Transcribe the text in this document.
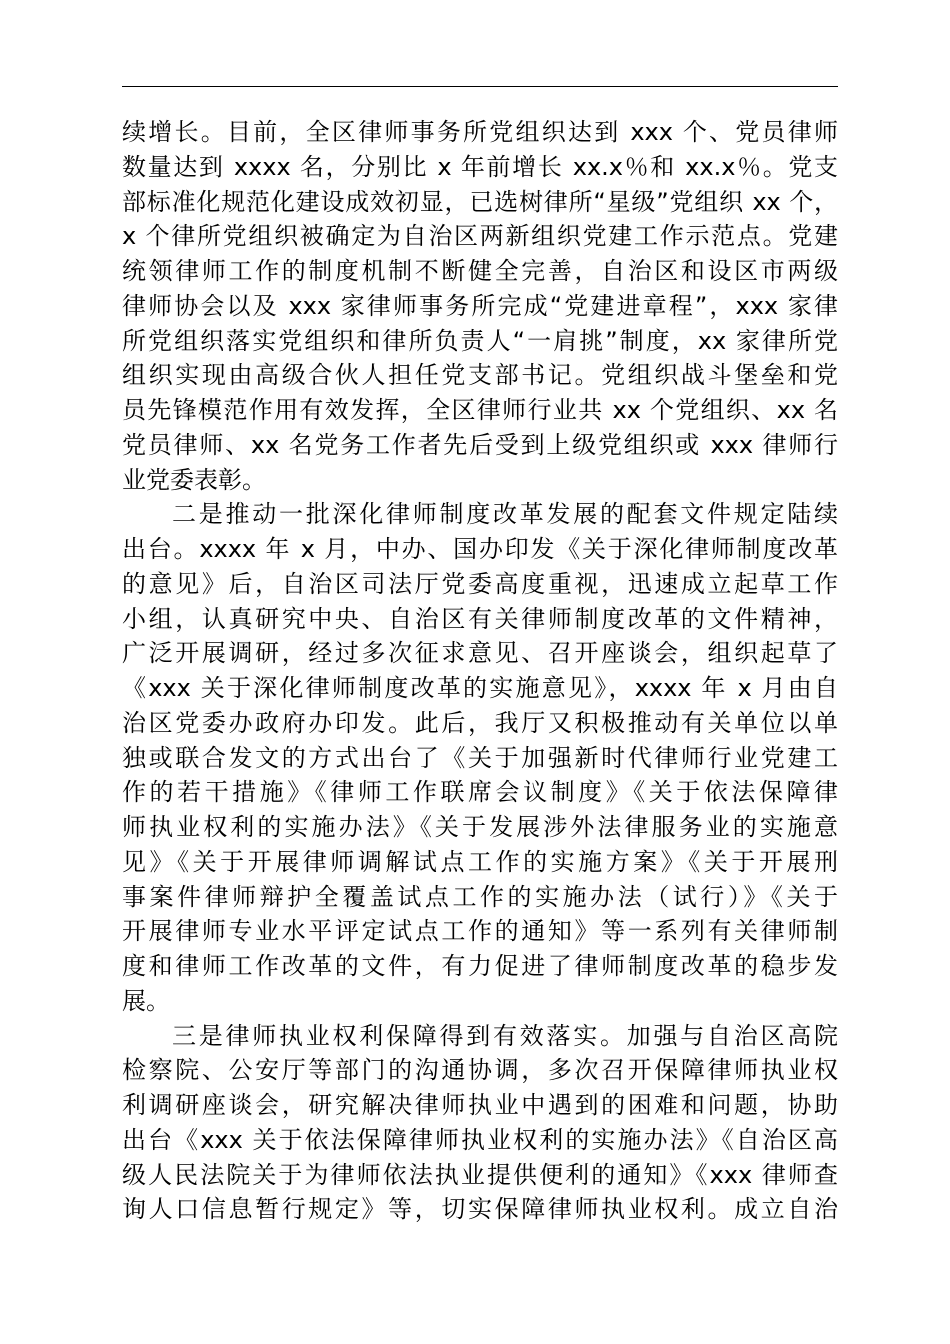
续增长。目前，全区律师事务所党组织达到 xxx 个、党员律师
数量达到 xxxx 名，分别比 x 年前增长 xx.x％和 xx.x％。党支
部标准化规范化建设成效初显，已选树律所“星级”党组织 xx 个，
x 个律所党组织被确定为自治区两新组织党建工作示范点。党建
统领律师工作的制度机制不断健全完善，自治区和设区市两级
律师协会以及 xxx 家律师事务所完成“党建进章程”，xxx 家律
所党组织落实党组织和律所负责人“一肩挑”制度，xx 家律所党
组织实现由高级合伙人担任党支部书记。党组织战斗堡垒和党
员先锋模范作用有效发挥，全区律师行业共 xx 个党组织、xx 名
党员律师、xx 名党务工作者先后受到上级党组织或 xxx 律师行
业党委表彰。
二是推动一批深化律师制度改革发展的配套文件规定陆续
出台。xxxx 年 x 月，中办、国办印发《关于深化律师制度改革
的意见》后，自治区司法厅党委高度重视，迅速成立起草工作
小组，认真研究中央、自治区有关律师制度改革的文件精神，
广泛开展调研，经过多次征求意见、召开座谈会，组织起草了
《xxx 关于深化律师制度改革的实施意见》，xxxx 年 x 月由自
治区党委办政府办印发。此后，我厅又积极推动有关单位以单
独或联合发文的方式出台了《关于加强新时代律师行业党建工
作的若干措施》《律师工作联席会议制度》《关于依法保障律
师执业权利的实施办法》《关于发展涉外法律服务业的实施意
见》《关于开展律师调解试点工作的实施方案》《关于开展刑
事案件律师辩护全覆盖试点工作的实施办法（试行）》《关于
开展律师专业水平评定试点工作的通知》等一系列有关律师制
度和律师工作改革的文件，有力促进了律师制度改革的稳步发
展。
三是律师执业权利保障得到有效落实。加强与自治区高院
检察院、公安厅等部门的沟通协调，多次召开保障律师执业权
利调研座谈会，研究解决律师执业中遇到的困难和问题，协助
出台《xxx 关于依法保障律师执业权利的实施办法》《自治区高
级人民法院关于为律师依法执业提供便利的通知》《xxx 律师查
询人口信息暂行规定》等，切实保障律师执业权利。成立自治
